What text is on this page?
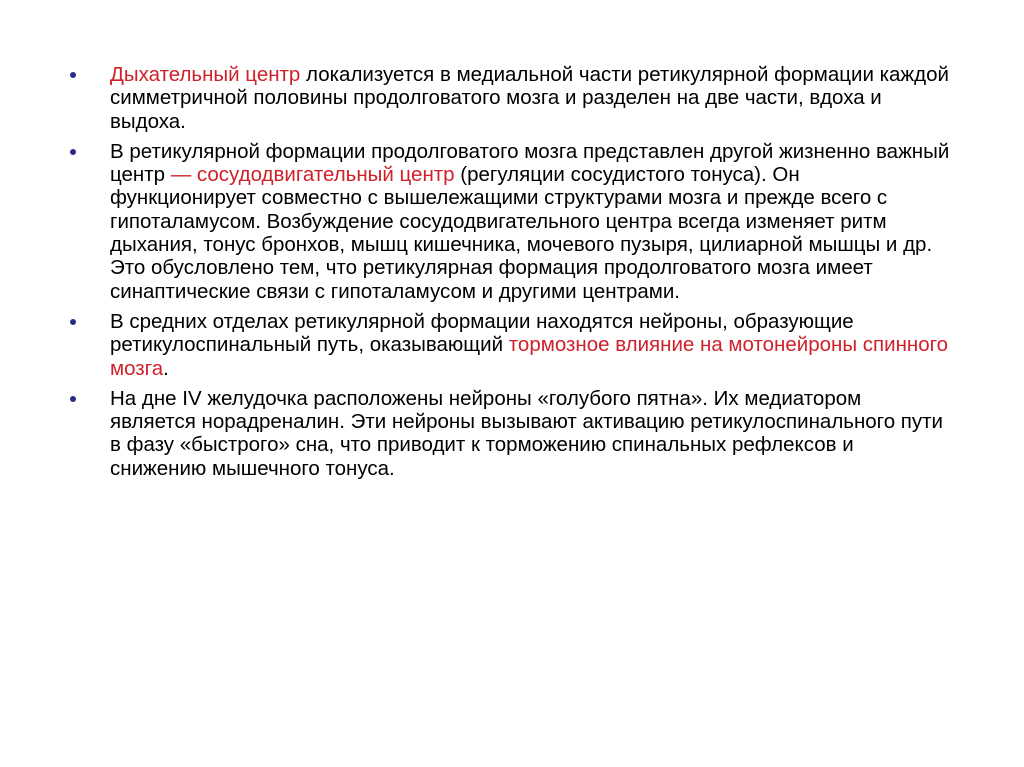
Дыхательный центр локализуется в медиальной части ретикулярной формации каждой симметричной половины продолговатого мозга и разделен на две части, вдоха и выдоха.
В ретикулярной формации продолговатого мозга представлен другой жизненно важный центр — сосудодвигательный центр (регуляции сосудистого тонуса). Он функционирует совместно с вышележащими структурами мозга и прежде всего с гипоталамусом. Возбуждение сосудодвигательного центра всегда изменяет ритм дыхания, тонус бронхов, мышц кишечника, мочевого пузыря, цилиарной мышцы и др. Это обусловлено тем, что ретикулярная формация продолговатого мозга имеет синаптические связи с гипоталамусом и другими центрами.
В средних отделах ретикулярной формации находятся нейроны, образующие ретикулоспинальный путь, оказывающий тормозное влияние на мотонейроны спинного мозга.
На дне IV желудочка расположены нейроны «голубого пятна». Их медиатором является норадреналин. Эти нейроны вызывают активацию ретикулоспинального пути в фазу «быстрого» сна, что приводит к торможению спинальных рефлексов и снижению мышечного тонуса.
